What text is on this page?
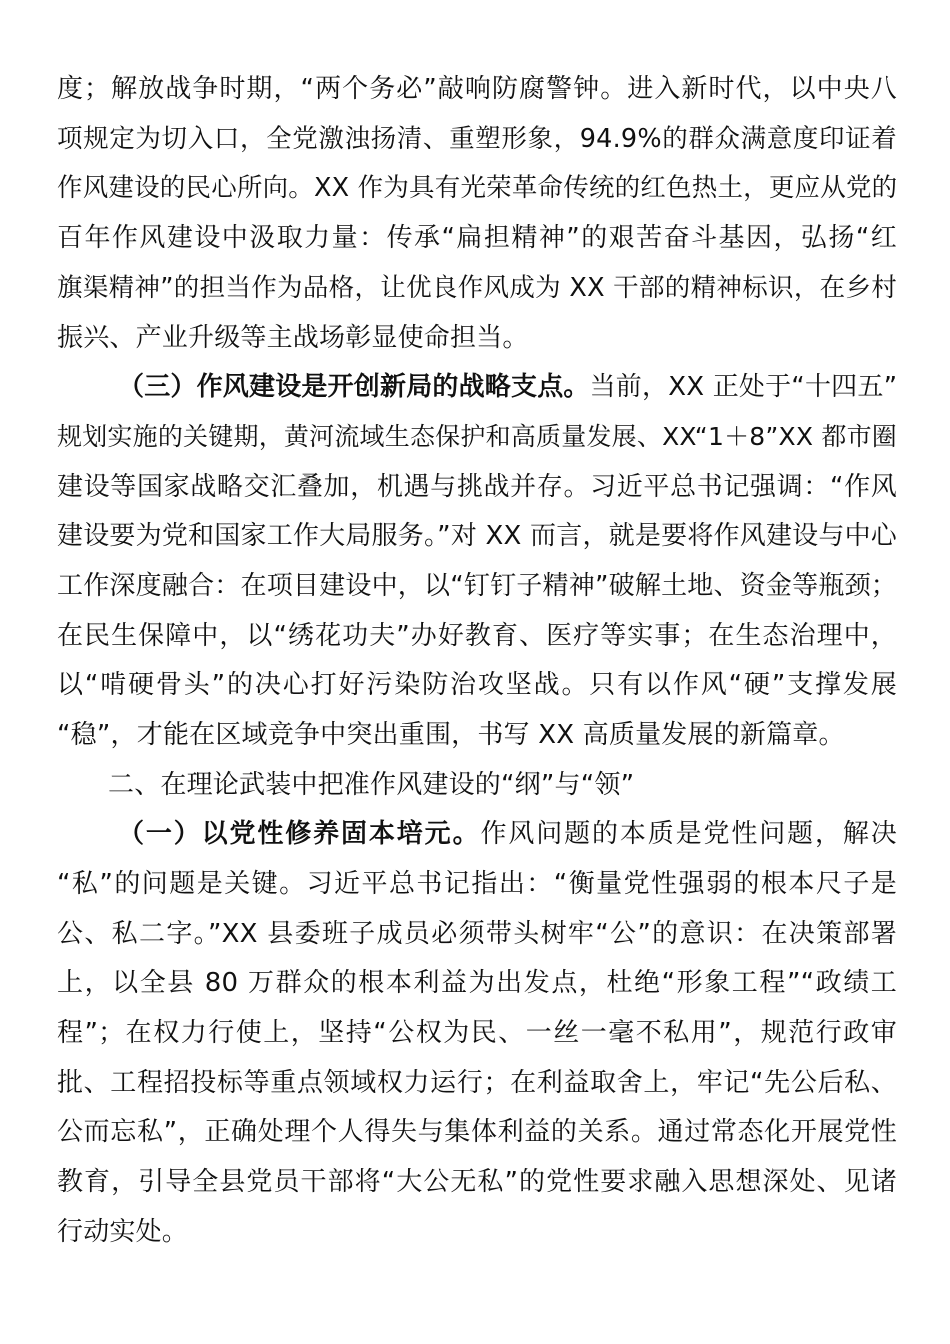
度；解放战争时期，“两个务必”敲响防腐警钟。进入新时代，以中央八
项规定为切入口，全党激浊扬清、重塑形象，94.9%的群众满意度印证着
作风建设的民心所向。XX 作为具有光荣革命传统的红色热土，更应从党的
百年作风建设中汲取力量：传承“扁担精神”的艰苦奋斗基因，弘扬“红
旗渠精神”的担当作为品格，让优良作风成为 XX 干部的精神标识，在乡村
振兴、产业升级等主战场彰显使命担当。
（三）作风建设是开创新局的战略支点。当前，XX 正处于“十四五”
规划实施的关键期，黄河流域生态保护和高质量发展、XX“1＋8”XX 都市圈
建设等国家战略交汇叠加，机遇与挑战并存。习近平总书记强调：“作风
建设要为党和国家工作大局服务。”对 XX 而言，就是要将作风建设与中心
工作深度融合：在项目建设中，以“钉钉子精神”破解土地、资金等瓶颈；
在民生保障中，以“绣花功夫”办好教育、医疗等实事；在生态治理中，
以“啃硬骨头”的决心打好污染防治攻坚战。只有以作风“硬”支撑发展
“稳”，才能在区域竞争中突出重围，书写 XX 高质量发展的新篇章。
二、在理论武装中把准作风建设的“纲”与“领”
（一）以党性修养固本培元。作风问题的本质是党性问题，解决
“私”的问题是关键。习近平总书记指出：“衡量党性强弱的根本尺子是
公、私二字。”XX 县委班子成员必须带头树牢“公”的意识：在决策部署
上，以全县 80 万群众的根本利益为出发点，杜绝“形象工程”“政绩工
程”；在权力行使上，坚持“公权为民、一丝一毫不私用”，规范行政审
批、工程招投标等重点领域权力运行；在利益取舍上，牢记“先公后私、
公而忘私”，正确处理个人得失与集体利益的关系。通过常态化开展党性
教育，引导全县党员干部将“大公无私”的党性要求融入思想深处、见诸
行动实处。
